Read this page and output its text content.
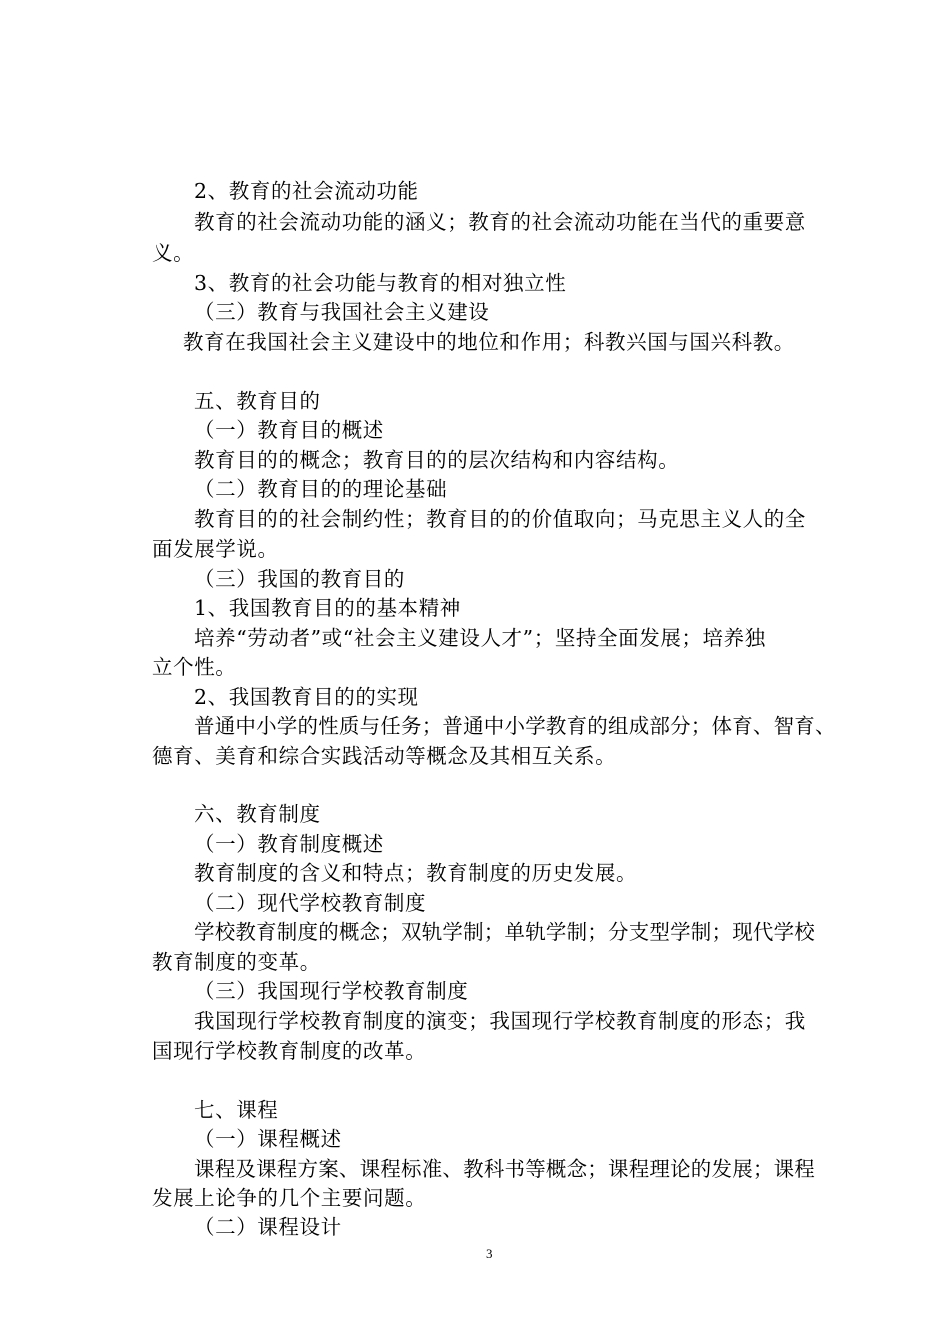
2、教育的社会流动功能
教育的社会流动功能的涵义；教育的社会流动功能在当代的重要意
义。
3、教育的社会功能与教育的相对独立性
（三）教育与我国社会主义建设
教育在我国社会主义建设中的地位和作用；科教兴国与国兴科教。
五、教育目的
（一）教育目的概述
教育目的的概念；教育目的的层次结构和内容结构。
（二）教育目的的理论基础
教育目的的社会制约性；教育目的的价值取向；马克思主义人的全
面发展学说。
（三）我国的教育目的
1、我国教育目的的基本精神
培养“劳动者”或“社会主义建设人才”；坚持全面发展；培养独
立个性。
2、我国教育目的的实现
普通中小学的性质与任务；普通中小学教育的组成部分；体育、智育、
德育、美育和综合实践活动等概念及其相互关系。
六、教育制度
（一）教育制度概述
教育制度的含义和特点；教育制度的历史发展。
（二）现代学校教育制度
学校教育制度的概念；双轨学制；单轨学制；分支型学制；现代学校
教育制度的变革。
（三）我国现行学校教育制度
我国现行学校教育制度的演变；我国现行学校教育制度的形态；我
国现行学校教育制度的改革。
七、课程
（一）课程概述
课程及课程方案、课程标准、教科书等概念；课程理论的发展；课程
发展上论争的几个主要问题。
（二）课程设计
3
